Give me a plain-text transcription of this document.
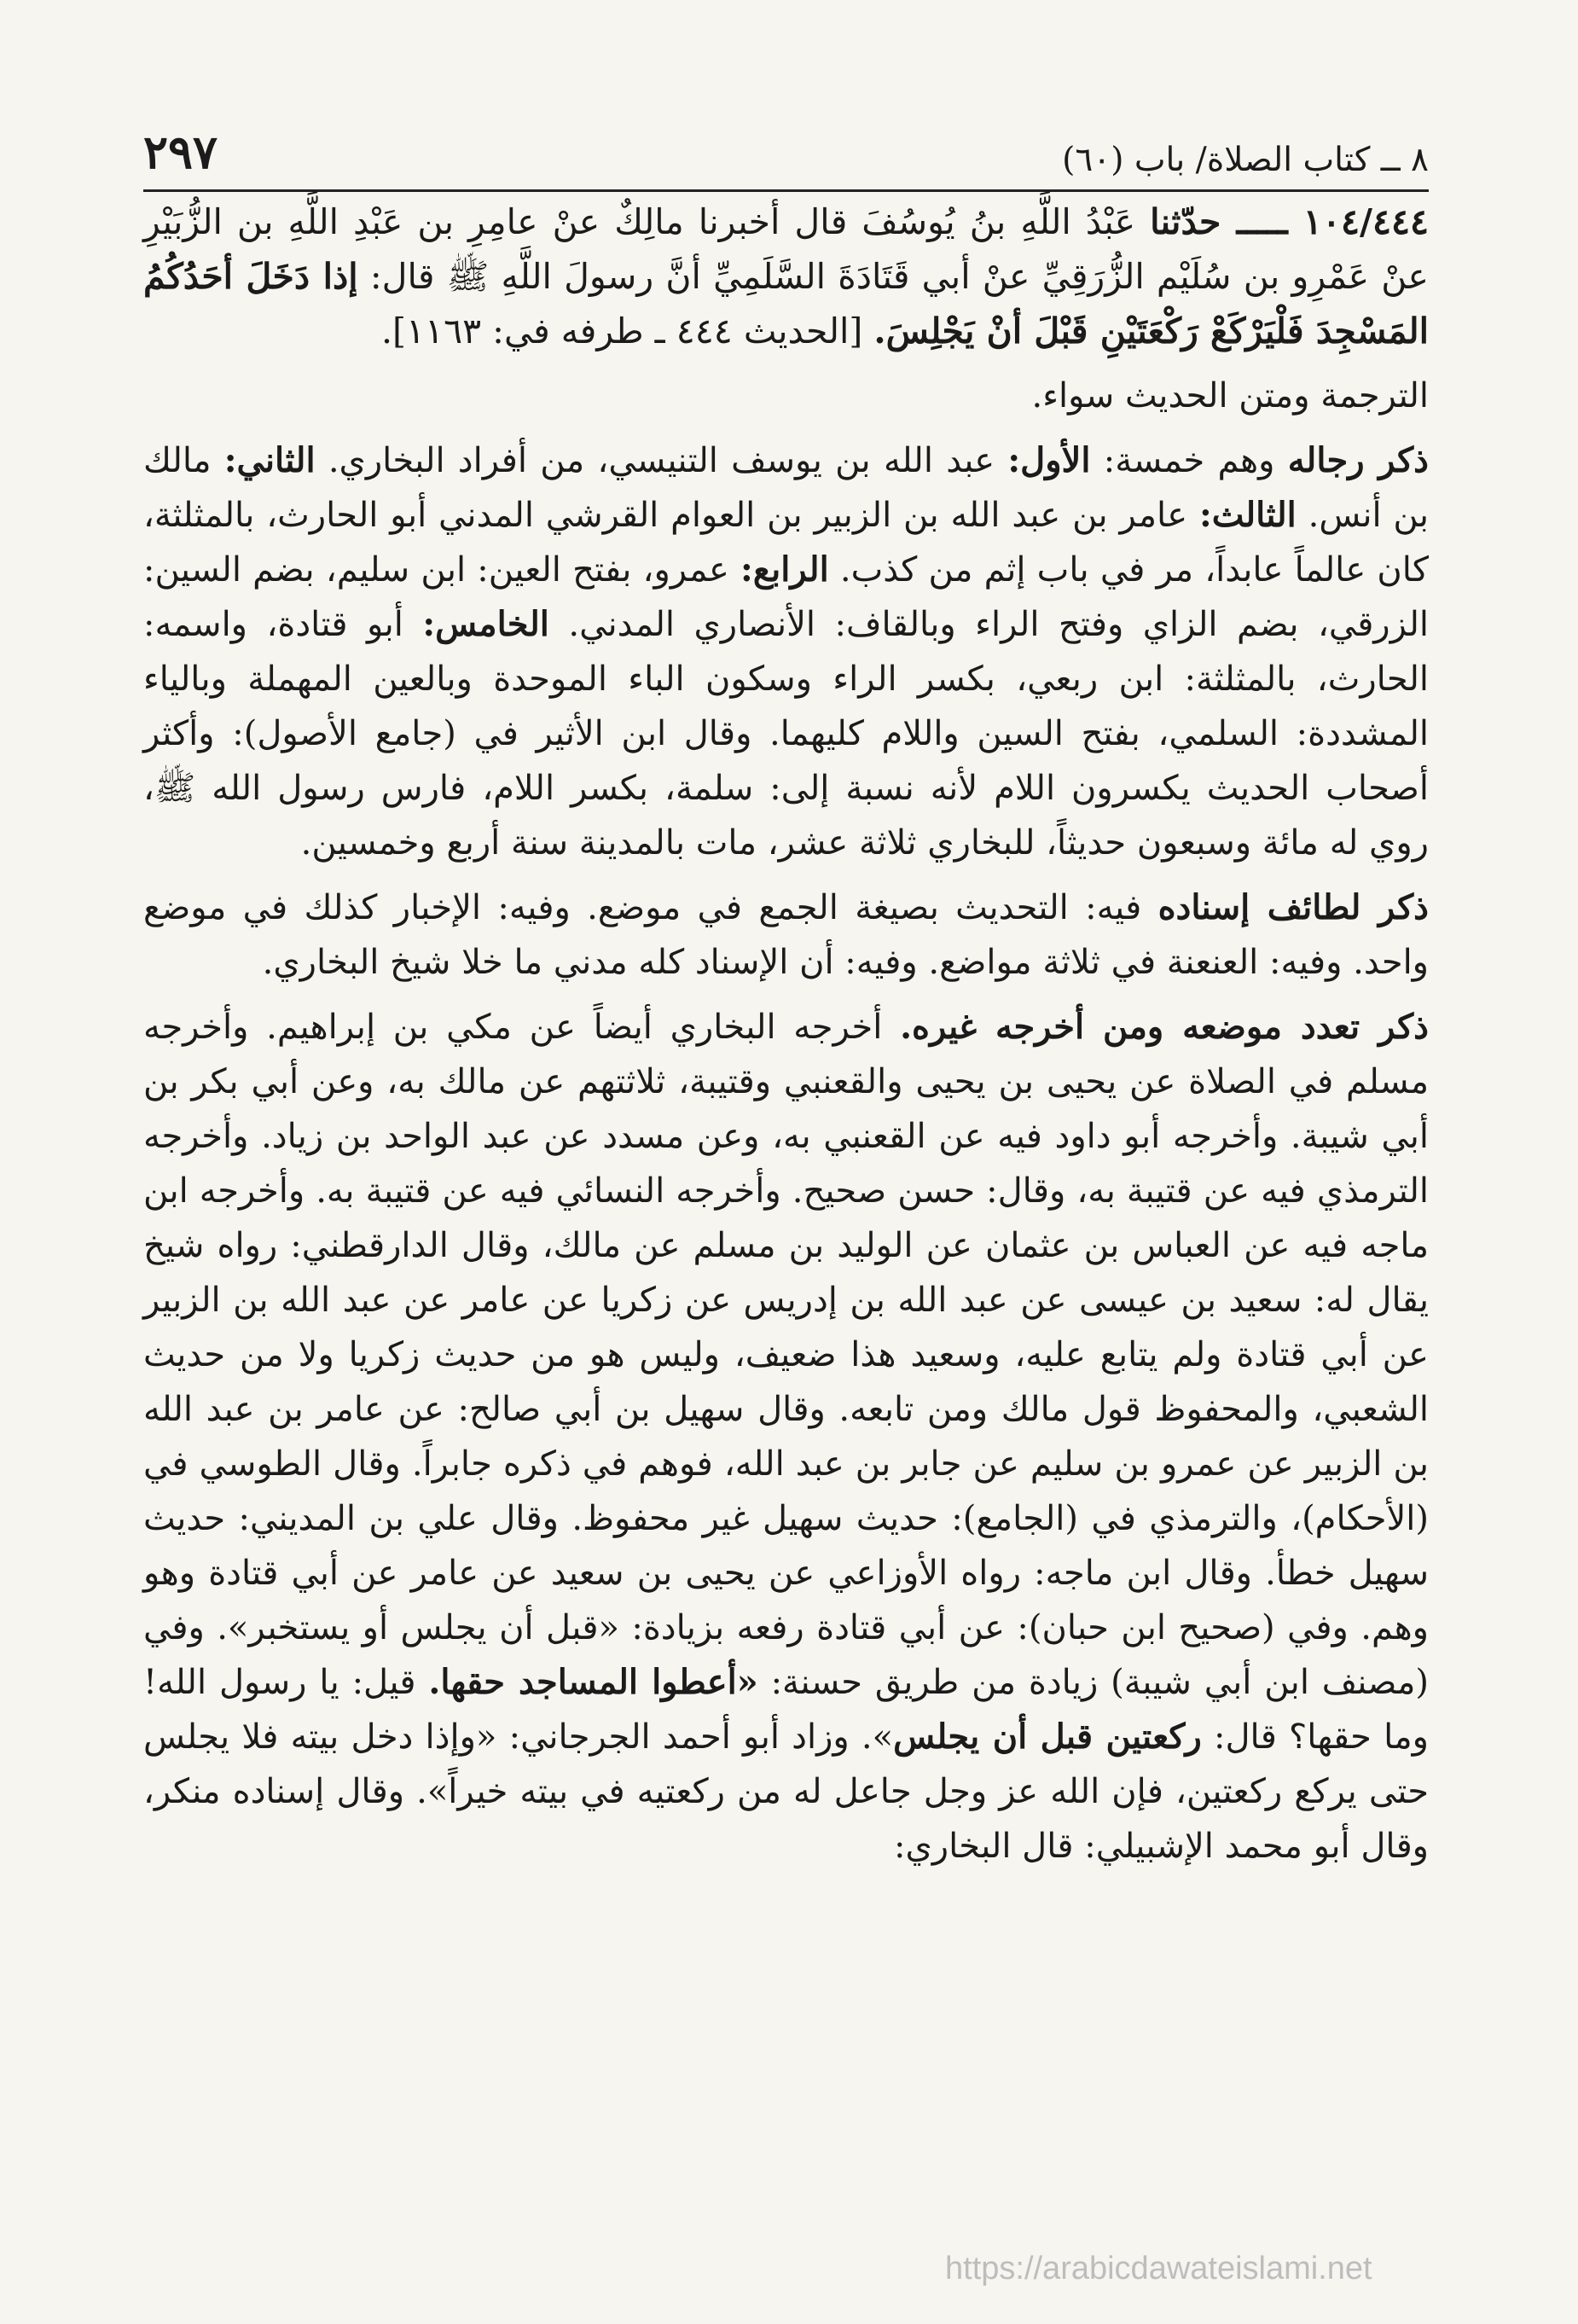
٨ ــ كتاب الصلاة/ باب (٦٠)
٢٩٧

١٠٤/٤٤٤ ـــــ حدّثنا عَبْدُ اللَّهِ بنُ يُوسُفَ قال أخبرنا مالِكٌ عنْ عامِرِ بن عَبْدِ اللَّهِ بن الزُّبَيْرِ عنْ عَمْرِو بن سُلَيْم الزُّرَقِيِّ عنْ أبي قَتَادَةَ السَّلَمِيِّ أنَّ رسولَ اللَّهِ ﷺ قال: إذا دَخَلَ أحَدُكُمُ المَسْجِدَ فَلْيَرْكَعْ رَكْعَتَيْنِ قَبْلَ أنْ يَجْلِسَ. [الحديث ٤٤٤ ـ طرفه في: ١١٦٣].

الترجمة ومتن الحديث سواء.

ذكر رجاله وهم خمسة: الأول: عبد الله بن يوسف التنيسي، من أفراد البخاري. الثاني: مالك بن أنس. الثالث: عامر بن عبد الله بن الزبير بن العوام القرشي المدني أبو الحارث، بالمثلثة، كان عالماً عابداً، مر في باب إثم من كذب. الرابع: عمرو، بفتح العين: ابن سليم، بضم السين: الزرقي، بضم الزاي وفتح الراء وبالقاف: الأنصاري المدني. الخامس: أبو قتادة، واسمه: الحارث، بالمثلثة: ابن ربعي، بكسر الراء وسكون الباء الموحدة وبالعين المهملة وبالياء المشددة: السلمي، بفتح السين واللام كليهما. وقال ابن الأثير في (جامع الأصول): وأكثر أصحاب الحديث يكسرون اللام لأنه نسبة إلى: سلمة، بكسر اللام، فارس رسول الله ﷺ، روي له مائة وسبعون حديثاً، للبخاري ثلاثة عشر، مات بالمدينة سنة أربع وخمسين.

ذكر لطائف إسناده فيه: التحديث بصيغة الجمع في موضع. وفيه: الإخبار كذلك في موضع واحد. وفيه: العنعنة في ثلاثة مواضع. وفيه: أن الإسناد كله مدني ما خلا شيخ البخاري.

ذكر تعدد موضعه ومن أخرجه غيره. أخرجه البخاري أيضاً عن مكي بن إبراهيم. وأخرجه مسلم في الصلاة عن يحيى بن يحيى والقعنبي وقتيبة، ثلاثتهم عن مالك به، وعن أبي بكر بن أبي شيبة. وأخرجه أبو داود فيه عن القعنبي به، وعن مسدد عن عبد الواحد بن زياد. وأخرجه الترمذي فيه عن قتيبة به، وقال: حسن صحيح. وأخرجه النسائي فيه عن قتيبة به. وأخرجه ابن ماجه فيه عن العباس بن عثمان عن الوليد بن مسلم عن مالك، وقال الدارقطني: رواه شيخ يقال له: سعيد بن عيسى عن عبد الله بن إدريس عن زكريا عن عامر عن عبد الله بن الزبير عن أبي قتادة ولم يتابع عليه، وسعيد هذا ضعيف، وليس هو من حديث زكريا ولا من حديث الشعبي، والمحفوظ قول مالك ومن تابعه. وقال سهيل بن أبي صالح: عن عامر بن عبد الله بن الزبير عن عمرو بن سليم عن جابر بن عبد الله، فوهم في ذكره جابراً. وقال الطوسي في (الأحكام)، والترمذي في (الجامع): حديث سهيل غير محفوظ. وقال علي بن المديني: حديث سهيل خطأ. وقال ابن ماجه: رواه الأوزاعي عن يحيى بن سعيد عن عامر عن أبي قتادة وهو وهم. وفي (صحيح ابن حبان): عن أبي قتادة رفعه بزيادة: «قبل أن يجلس أو يستخبر». وفي (مصنف ابن أبي شيبة) زيادة من طريق حسنة: «أعطوا المساجد حقها. قيل: يا رسول الله! وما حقها؟ قال: ركعتين قبل أن يجلس». وزاد أبو أحمد الجرجاني: «وإذا دخل بيته فلا يجلس حتى يركع ركعتين، فإن الله عز وجل جاعل له من ركعتيه في بيته خيراً». وقال إسناده منكر، وقال أبو محمد الإشبيلي: قال البخاري:

https://arabicdawateislami.net
